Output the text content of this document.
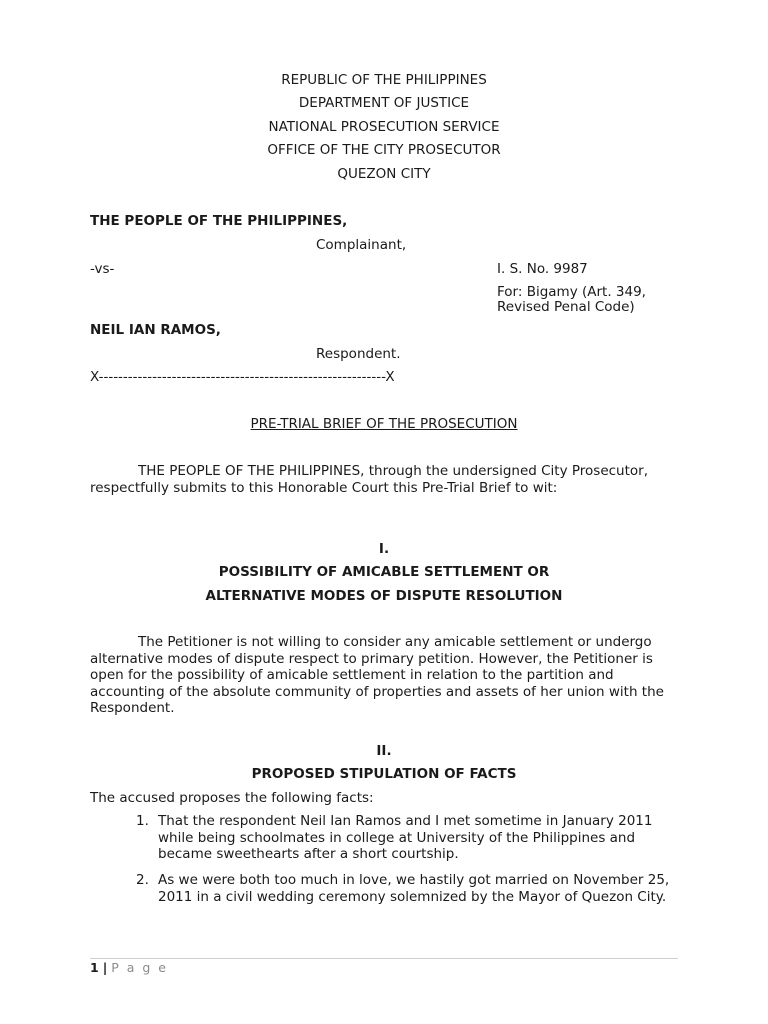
REPUBLIC OF THE PHILIPPINES
DEPARTMENT OF JUSTICE
NATIONAL PROSECUTION SERVICE
OFFICE OF THE CITY PROSECUTOR
QUEZON CITY
THE PEOPLE OF THE PHILIPPINES,
Complainant,
-vs-	I. S. No. 9987
For: Bigamy (Art. 349,
Revised Penal Code)
NEIL IAN RAMOS,
Respondent.
X-----------------------------------------------------------X
PRE-TRIAL BRIEF OF THE PROSECUTION
THE PEOPLE OF THE PHILIPPINES, through the undersigned City Prosecutor, respectfully submits to this Honorable Court this Pre-Trial Brief to wit:
I.
POSSIBILITY OF AMICABLE SETTLEMENT OR
ALTERNATIVE MODES OF DISPUTE RESOLUTION
The Petitioner is not willing to consider any amicable settlement or undergo alternative modes of dispute respect to primary petition. However, the Petitioner is open for the possibility of amicable settlement in relation to the partition and accounting of the absolute community of properties and assets of her union with the Respondent.
II.
PROPOSED STIPULATION OF FACTS
The accused proposes the following facts:
1. That the respondent Neil Ian Ramos and I met sometime in January 2011 while being schoolmates in college at University of the Philippines and became sweethearts after a short courtship.
2. As we were both too much in love, we hastily got married on November 25, 2011 in a civil wedding ceremony solemnized by the Mayor of Quezon City.
1 | P a g e
